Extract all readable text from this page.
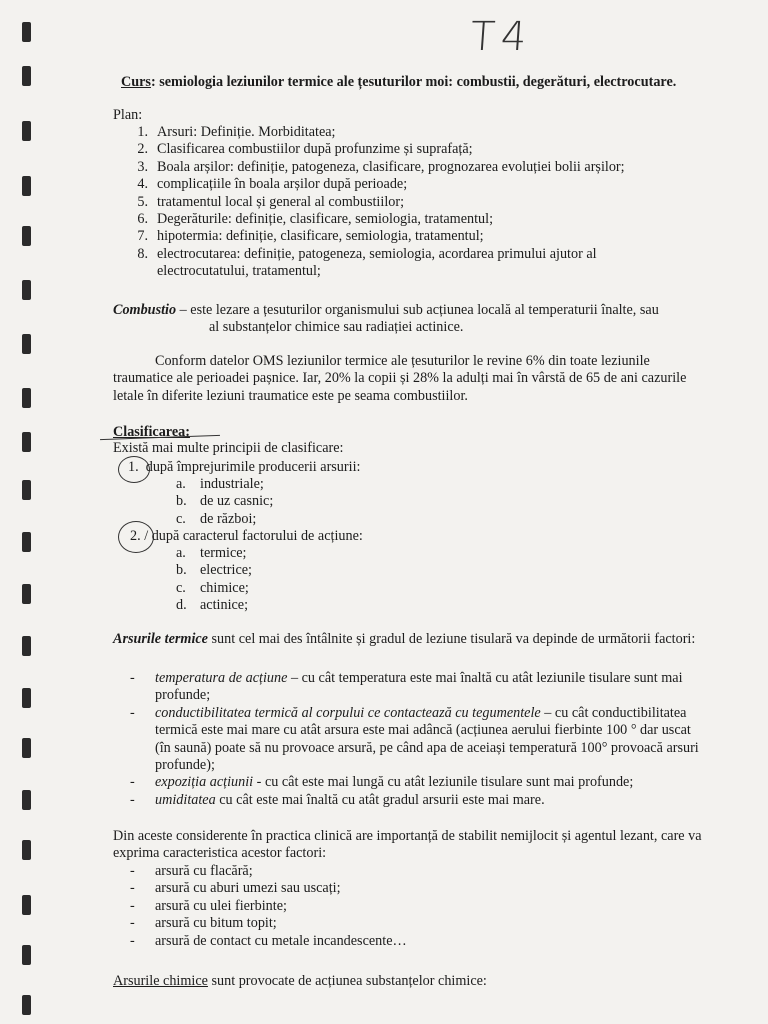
T4
Curs: semiologia leziunilor termice ale țesuturilor moi: combustii, degerături, electrocutare.
Plan:
1. Arsuri: Definiție. Morbiditatea;
2. Clasificarea combustiilor după profunzime și suprafață;
3. Boala arșilor: definiție, patogeneza, clasificare, prognozarea evoluției bolii arșilor;
4. complicațiile în boala arșilor după perioade;
5. tratamentul local și general al combustiilor;
6. Degerăturile: definiție, clasificare, semiologia, tratamentul;
7. hipotermia: definiție, clasificare, semiologia, tratamentul;
8. electrocutarea: definiție, patogeneza, semiologia, acordarea primului ajutor al
electrocutatului, tratamentul;
Combustio – este lezare a țesuturilor organismului sub acțiunea locală al temperaturii înalte, sau
al substanțelor chimice sau radiației actinice.
Conform datelor OMS leziunilor termice ale țesuturilor le revine 6% din toate leziunile traumatice ale perioadei pașnice. Iar, 20% la copii și 28% la adulți mai în vârstă de 65 de ani cazurile letale în diferite leziuni traumatice este pe seama combustiilor.
Clasificarea:
Există mai multe principii de clasificare:
1. după împrejurimile producerii arsurii:
a. industriale;
b. de uz casnic;
c. de război;
2. / după caracterul factorului de acțiune:
a. termice;
b. electrice;
c. chimice;
d. actinice;
Arsurile termice sunt cel mai des întâlnite și gradul de leziune tisulară va depinde de următorii factori:
- temperatura de acțiune – cu cât temperatura este mai înaltă cu atât leziunile tisulare sunt mai profunde;
- conductibilitatea termică al corpului ce contactează cu tegumentele – cu cât conductibilitatea termică este mai mare cu atât arsura este mai adâncă (acțiunea aerului fierbinte 100 ° dar uscat (în saună) poate să nu provoace arsură, pe când apa de aceiași temperatură 100° provoacă arsuri profunde);
- expoziția acțiunii - cu cât este mai lungă cu atât leziunile tisulare sunt mai profunde;
- umiditatea cu cât este mai înaltă cu atât gradul arsurii este mai mare.
Din aceste considerente în practica clinică are importanță de stabilit nemijlocit și agentul lezant, care va exprima caracteristica acestor factori:
- arsură cu flacără;
- arsură cu aburi umezi sau uscați;
- arsură cu ulei fierbinte;
- arsură cu bitum topit;
- arsură de contact cu metale incandescente…
Arsurile chimice sunt provocate de acțiunea substanțelor chimice:
